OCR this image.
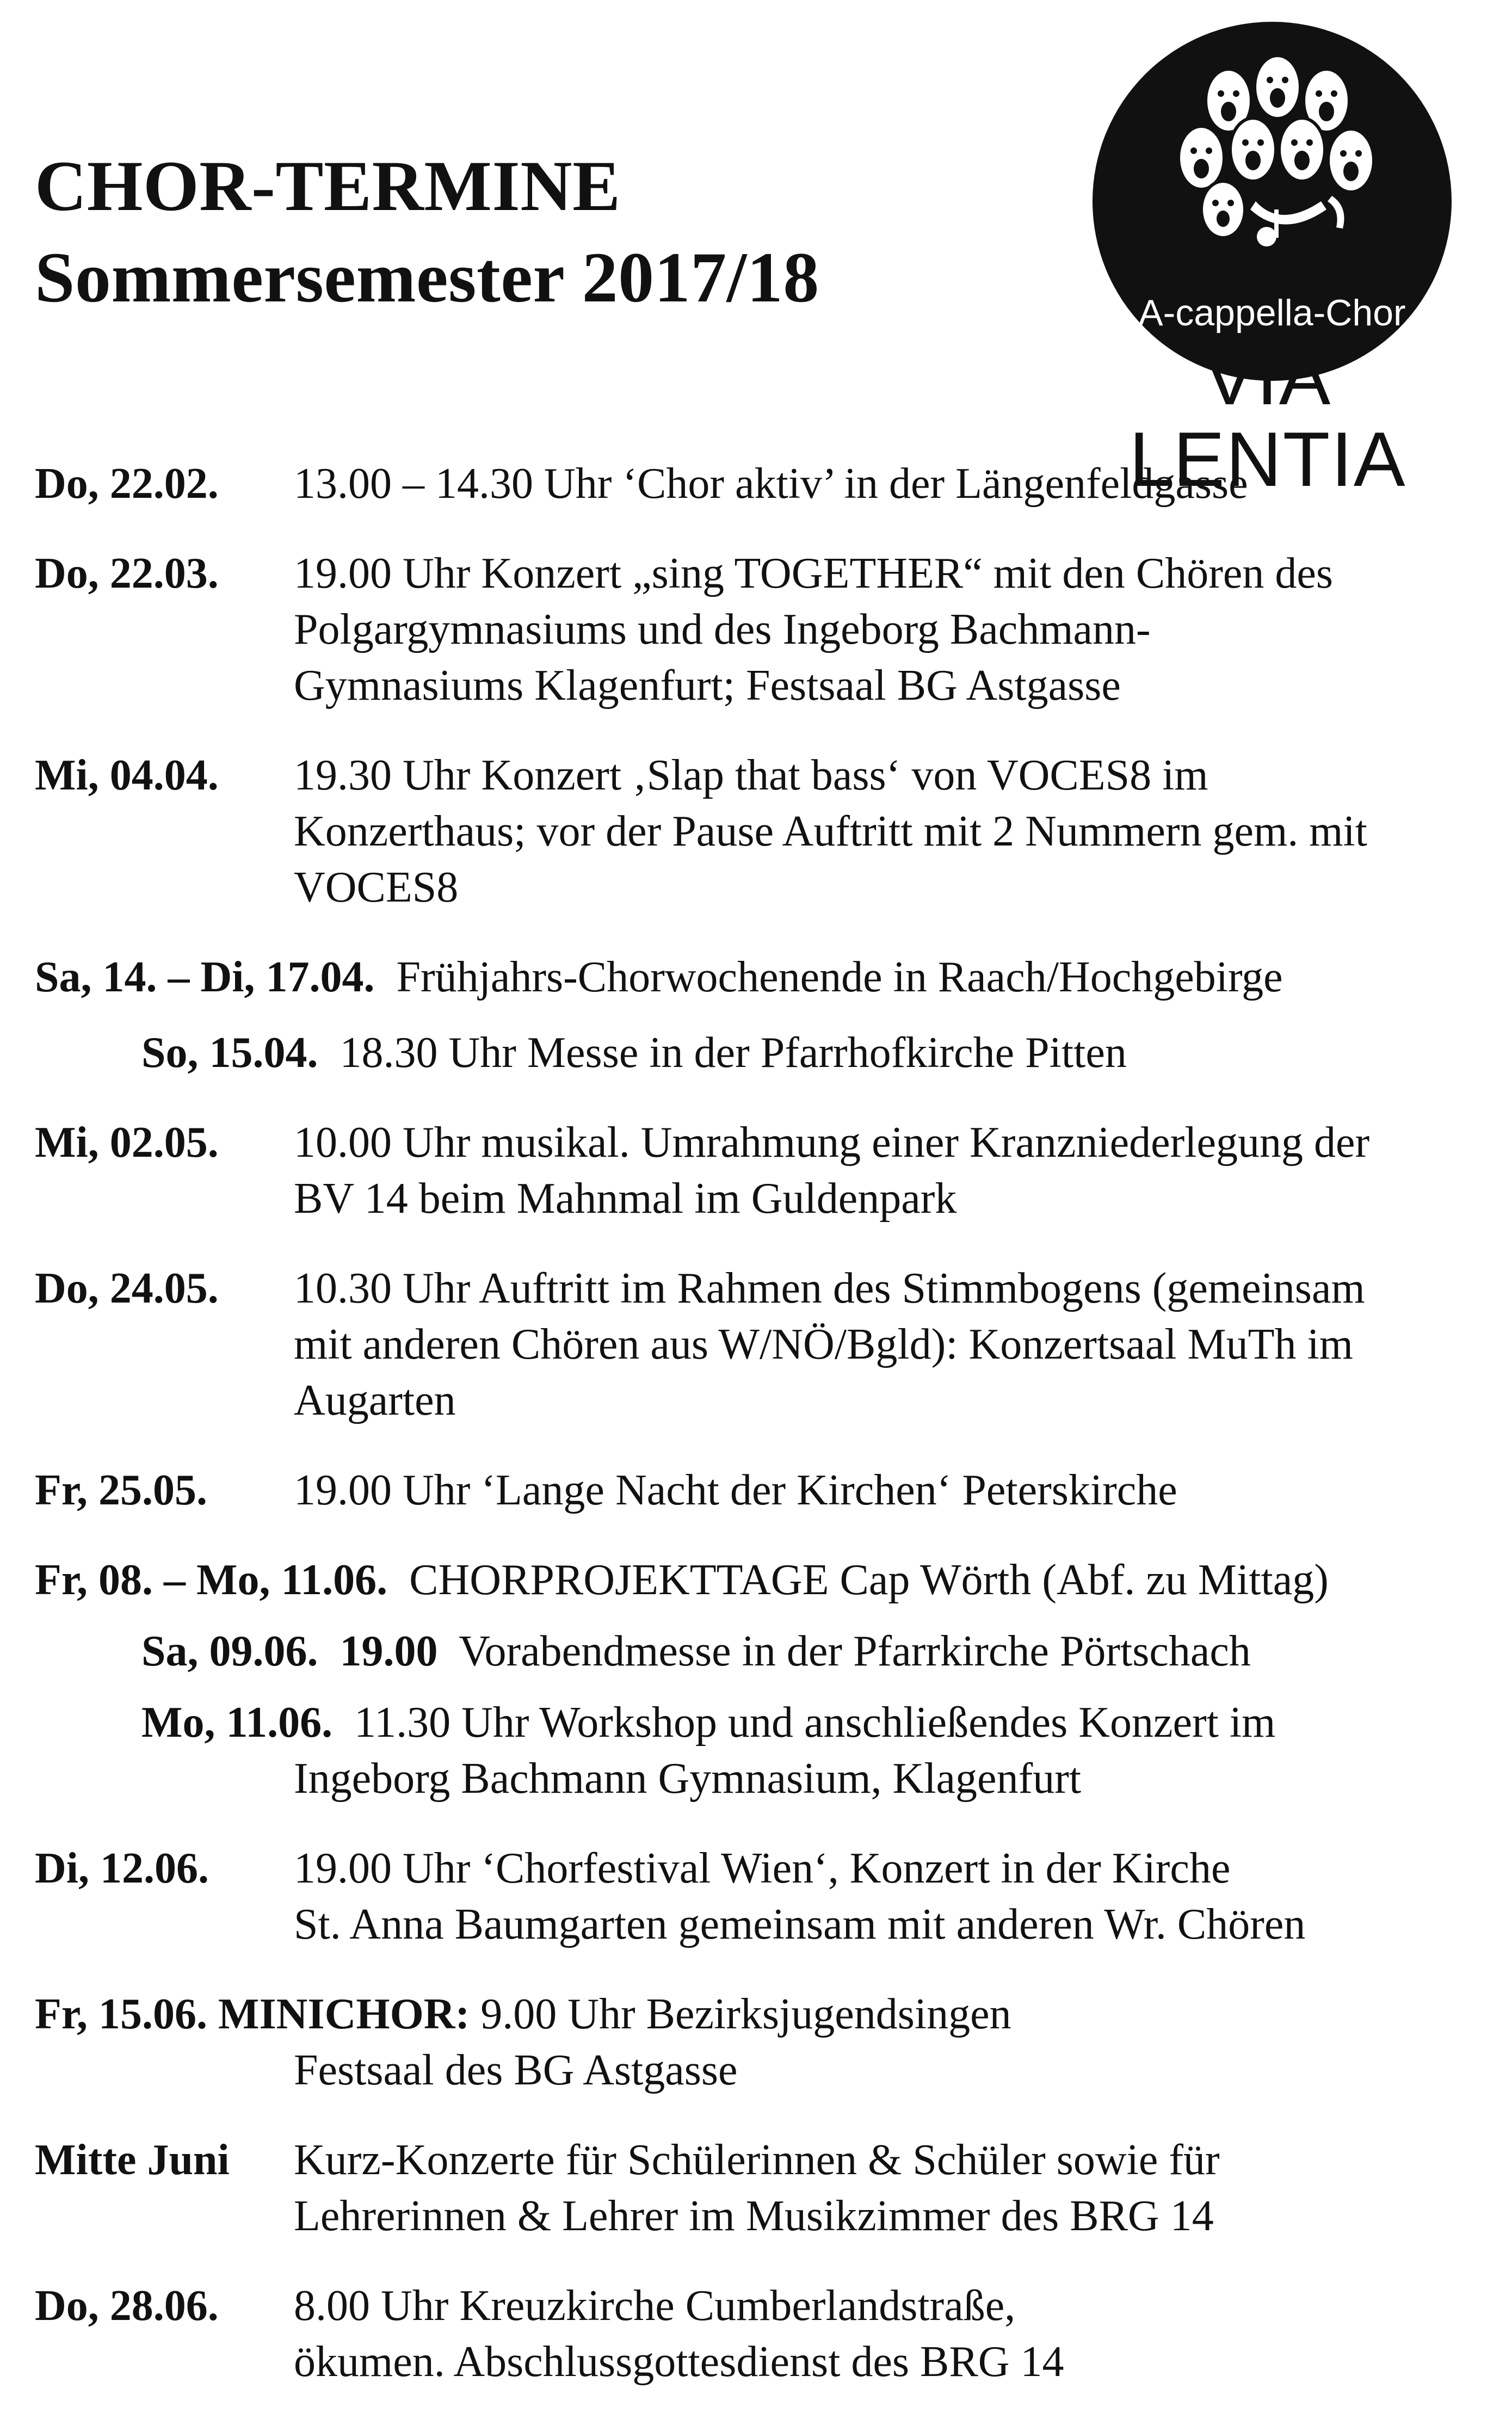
CHOR-TERMINE
Sommersemester 2017/18	A-cappella-Chor
VIA LENTIA
Do, 22.02.	13.00 – 14.30 Uhr ‘Chor aktiv’ in der Längenfeldgasse
Do, 22.03.	19.00 Uhr Konzert „sing TOGETHER“ mit den Chören des
Polgargymnasiums und des Ingeborg Bachmann-
Gymnasiums Klagenfurt; Festsaal BG Astgasse
Mi, 04.04.	19.30 Uhr Konzert ‚Slap that bass‘ von VOCES8 im
Konzerthaus; vor der Pause Auftritt mit 2 Nummern gem. mit
VOCES8
Sa, 14. – Di, 17.04. Frühjahrs-Chorwochenende in Raach/Hochgebirge
So, 15.04. 18.30 Uhr Messe in der Pfarrhofkirche Pitten
Mi, 02.05.	10.00 Uhr musikal. Umrahmung einer Kranzniederlegung der
BV 14 beim Mahnmal im Guldenpark
Do, 24.05.	10.30 Uhr Auftritt im Rahmen des Stimmbogens (gemeinsam
mit anderen Chören aus W/NÖ/Bgld): Konzertsaal MuTh im
Augarten
Fr, 25.05.	19.00 Uhr ‘Lange Nacht der Kirchen‘ Peterskirche
Fr, 08. – Mo, 11.06. CHORPROJEKTTAGE Cap Wörth (Abf. zu Mittag)
Sa, 09.06. 19.00 Vorabendmesse in der Pfarrkirche Pörtschach
Mo, 11.06. 11.30 Uhr Workshop und anschließendes Konzert im
Ingeborg Bachmann Gymnasium, Klagenfurt
Di, 12.06.	19.00 Uhr ‘Chorfestival Wien‘, Konzert in der Kirche
St. Anna Baumgarten gemeinsam mit anderen Wr. Chören
Fr, 15.06. MINICHOR: 9.00 Uhr Bezirksjugendsingen
Festsaal des BG Astgasse
Mitte Juni	Kurz-Konzerte für Schülerinnen & Schüler sowie für
Lehrerinnen & Lehrer im Musikzimmer des BRG 14
Do, 28.06.	8.00 Uhr Kreuzkirche Cumberlandstraße,
ökumen. Abschlussgottesdienst des BRG 14
